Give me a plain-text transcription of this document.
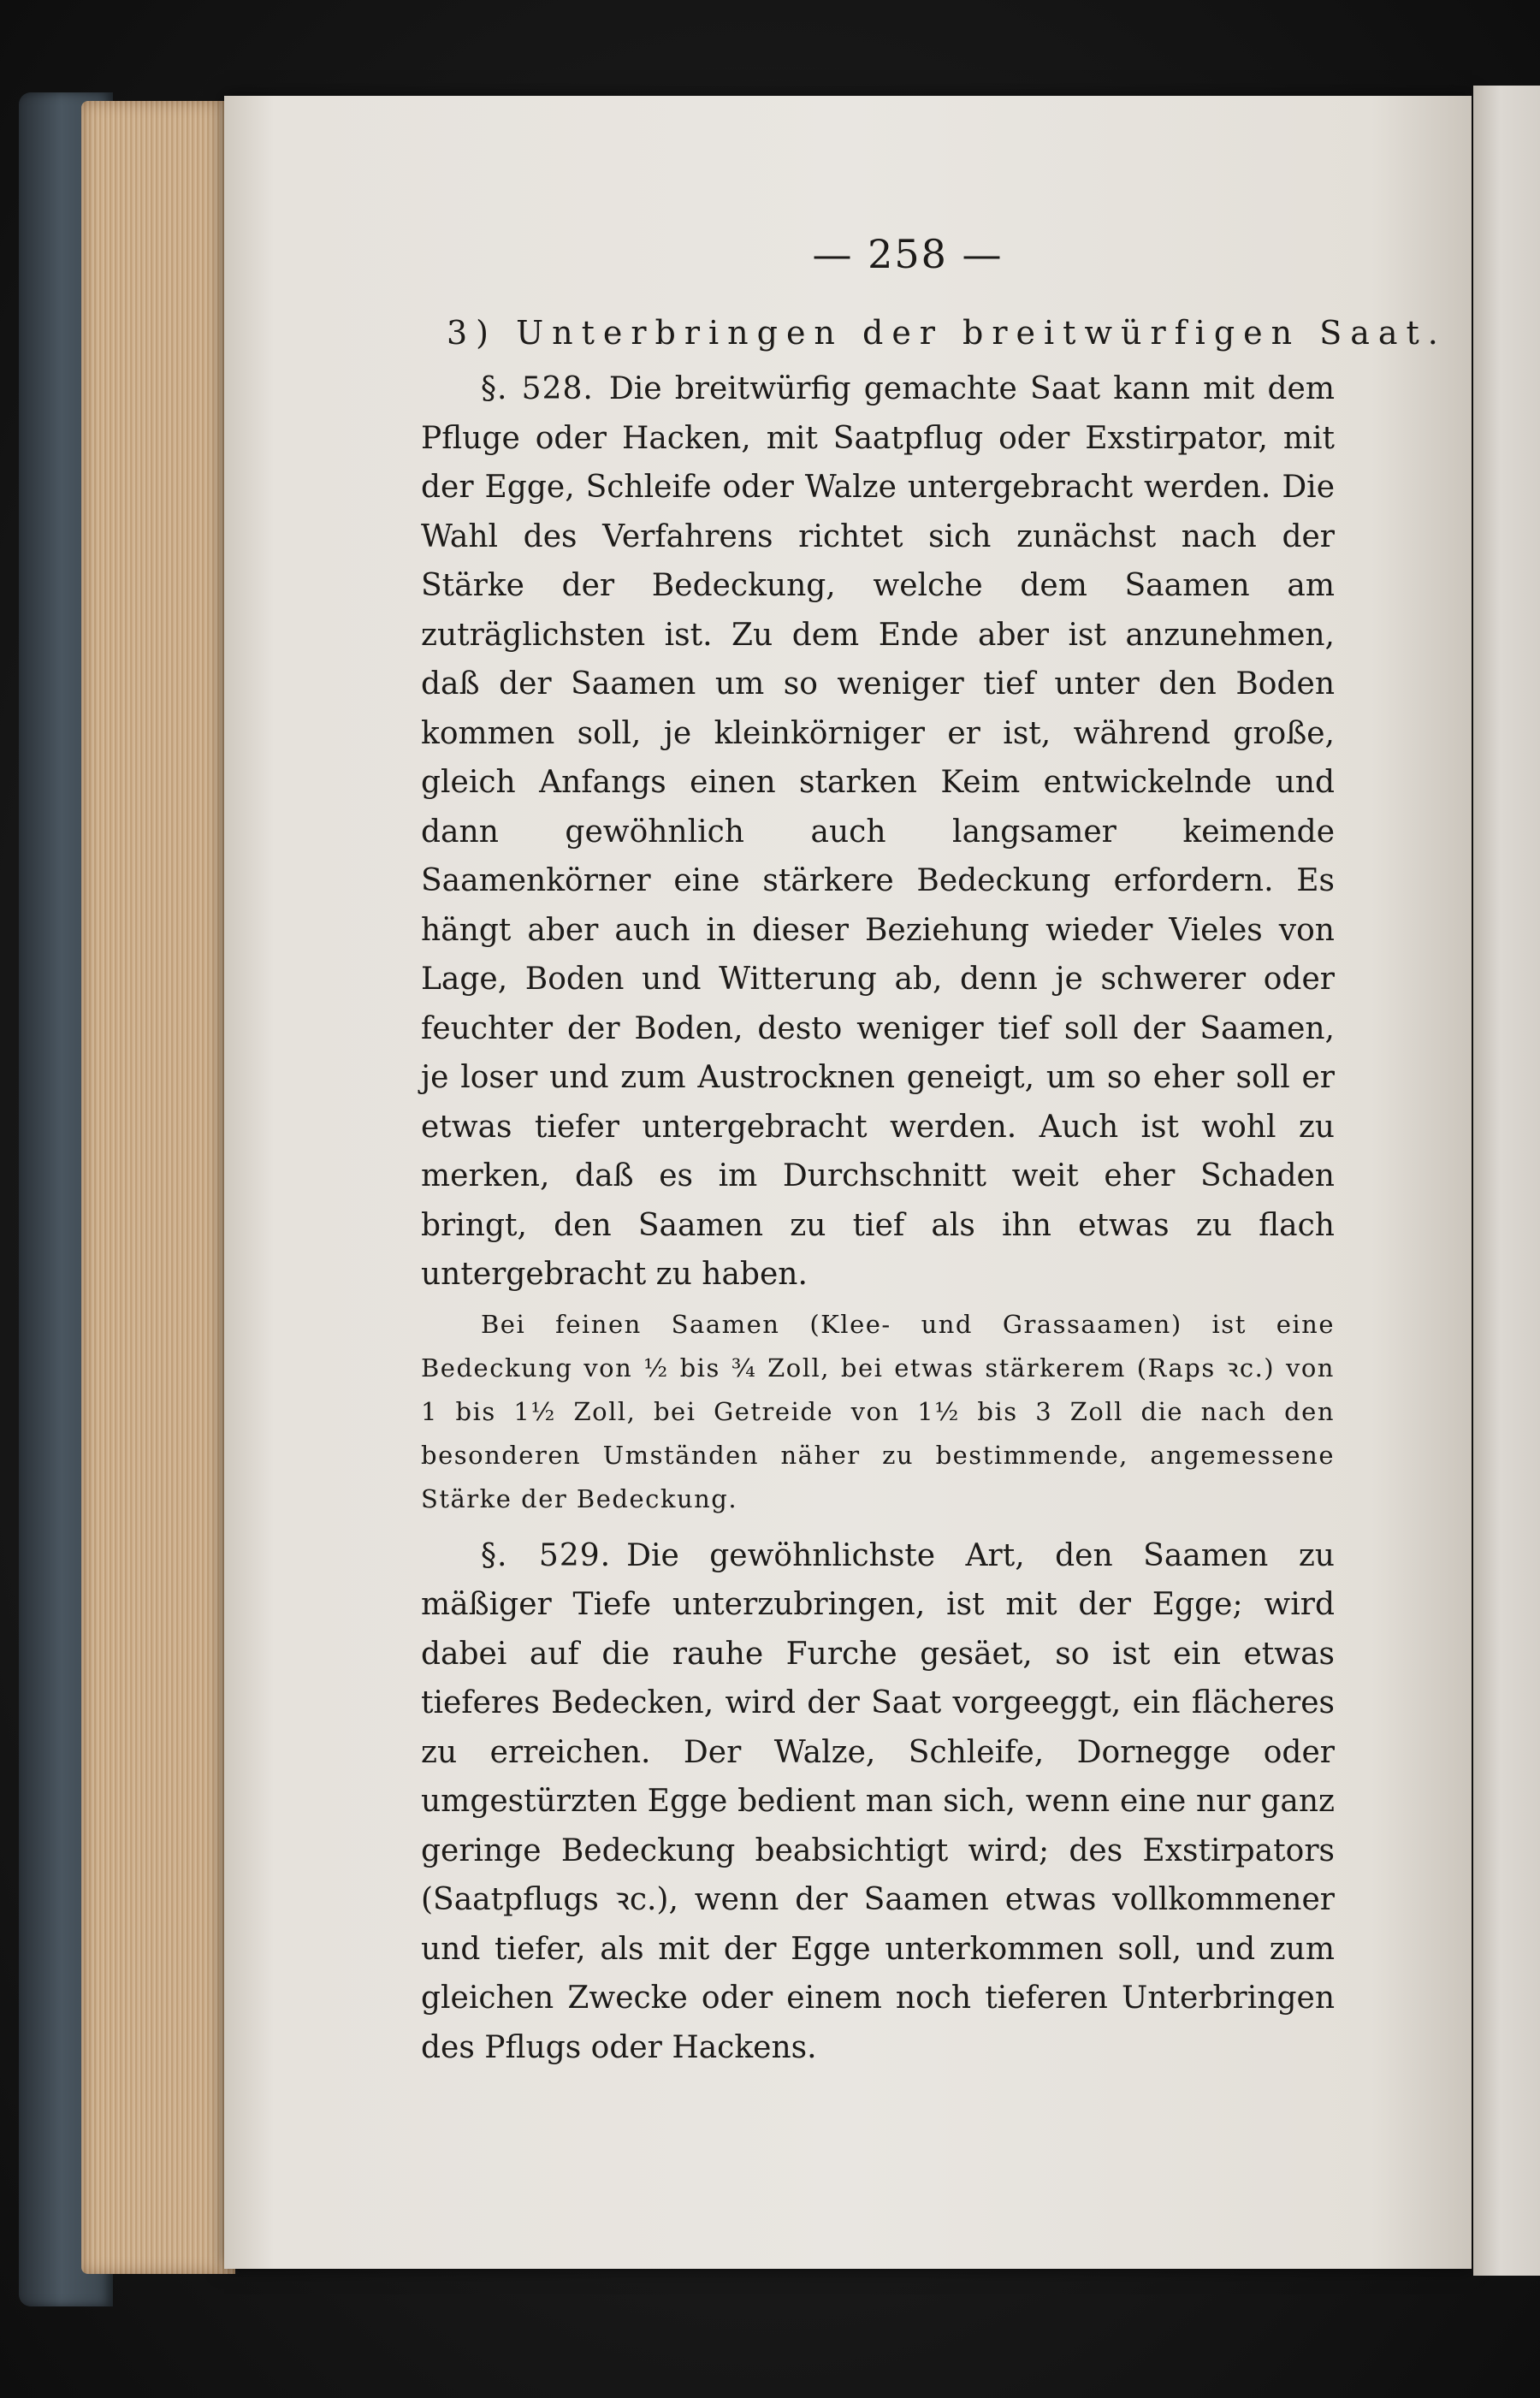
— 258 —
3) Unterbringen der breitwürfigen Saat.

§. 528. Die breitwürfig gemachte Saat kann mit dem Pfluge oder Hacken, mit Saatpflug oder Exstirpator, mit der Egge, Schleife oder Walze untergebracht werden. Die Wahl des Verfahrens richtet sich zunächst nach der Stärke der Bedeckung, welche dem Saamen am zuträglichsten ist. Zu dem Ende aber ist anzunehmen, daß der Saamen um so weniger tief unter den Boden kommen soll, je kleinkörniger er ist, während große, gleich Anfangs einen starken Keim entwickelnde und dann gewöhnlich auch langsamer keimende Saamenkörner eine stärkere Bedeckung erfordern. Es hängt aber auch in dieser Beziehung wieder Vieles von Lage, Boden und Witterung ab, denn je schwerer oder feuchter der Boden, desto weniger tief soll der Saamen, je loser und zum Austrocknen geneigt, um so eher soll er etwas tiefer untergebracht werden. Auch ist wohl zu merken, daß es im Durchschnitt weit eher Schaden bringt, den Saamen zu tief als ihn etwas zu flach untergebracht zu haben.

Bei feinen Saamen (Klee- und Grassaamen) ist eine Bedeckung von ½ bis ¾ Zoll, bei etwas stärkerem (Raps ꝛc.) von 1 bis 1½ Zoll, bei Getreide von 1½ bis 3 Zoll die nach den besonderen Umständen näher zu bestimmende, angemessene Stärke der Bedeckung.

§. 529. Die gewöhnlichste Art, den Saamen zu mäßiger Tiefe unterzubringen, ist mit der Egge; wird dabei auf die rauhe Furche gesäet, so ist ein etwas tieferes Bedecken, wird der Saat vorgeeggt, ein flächeres zu erreichen. Der Walze, Schleife, Dornegge oder umgestürzten Egge bedient man sich, wenn eine nur ganz geringe Bedeckung beabsichtigt wird; des Exstirpators (Saatpflugs ꝛc.), wenn der Saamen etwas vollkommener und tiefer, als mit der Egge unterkommen soll, und zum gleichen Zwecke oder einem noch tieferen Unterbringen des Pflugs oder Hackens.
